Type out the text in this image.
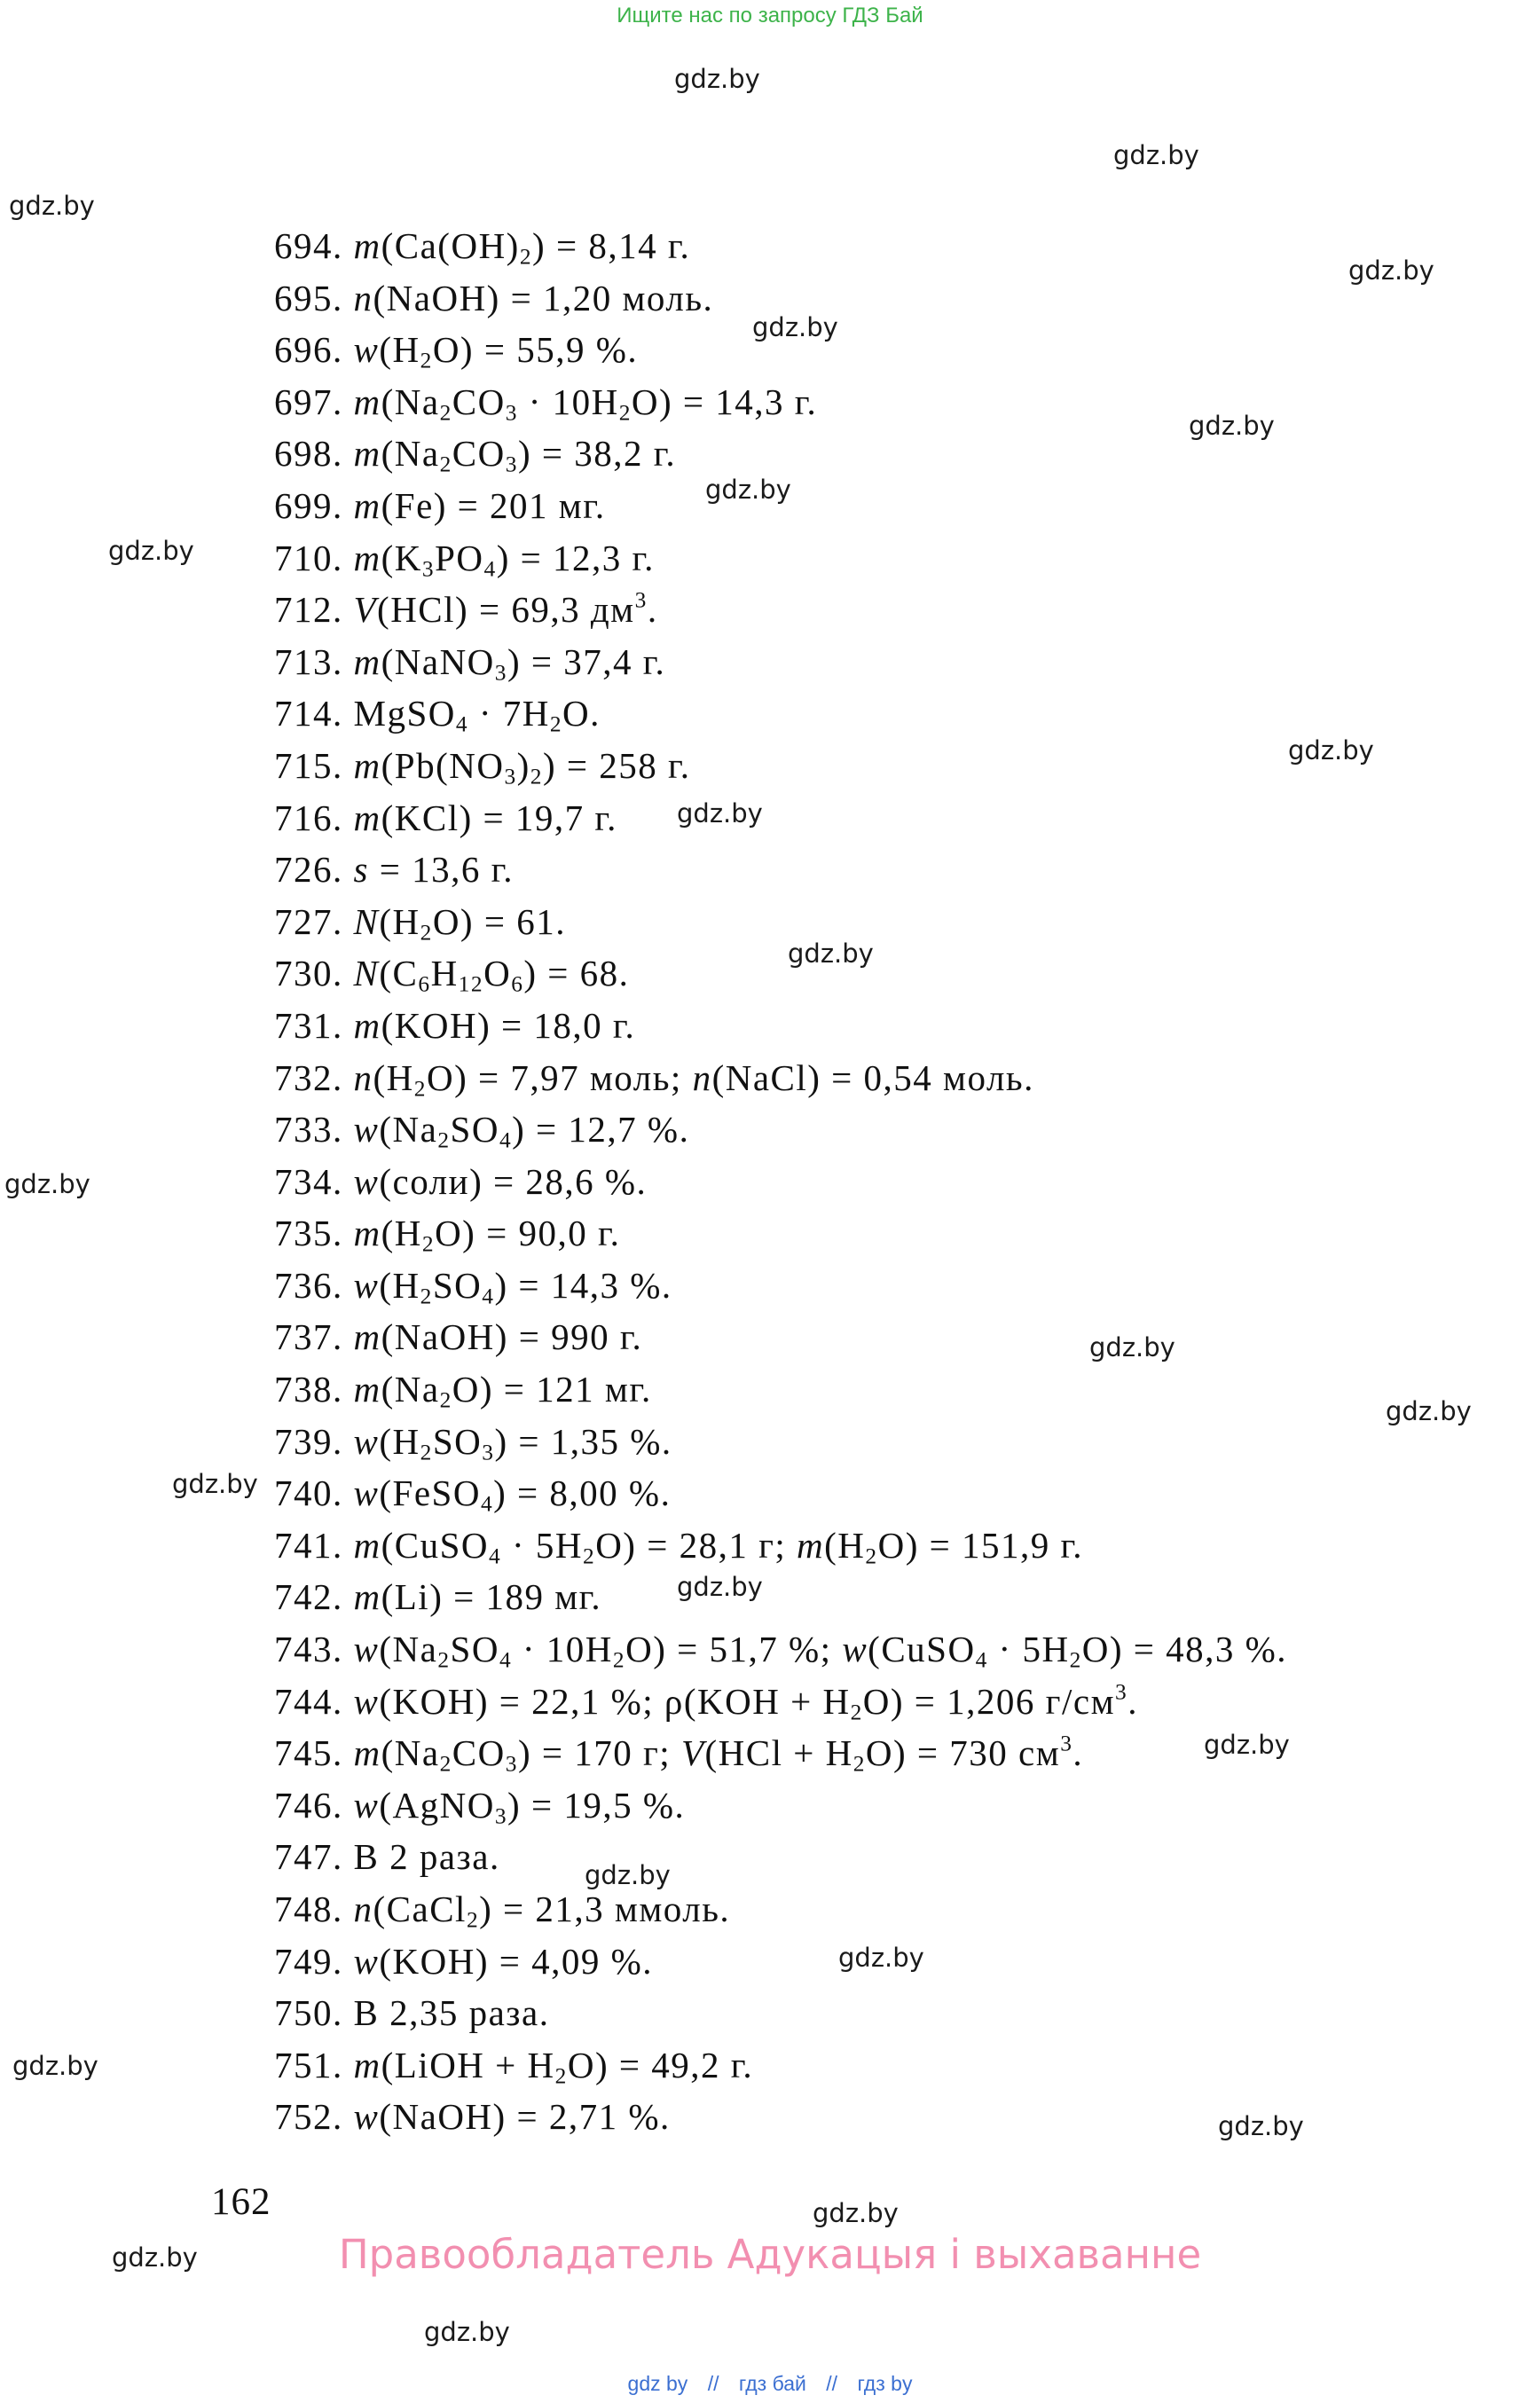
Ищите нас по запросу ГДЗ Бай
gdz.by
gdz.by
gdz.by
gdz.by
gdz.by
gdz.by
gdz.by
gdz.by
gdz.by
gdz.by
gdz.by
gdz.by
gdz.by
gdz.by
gdz.by
gdz.by
gdz.by
gdz.by
gdz.by
gdz.by
gdz.by
gdz.by
gdz.by
gdz.by
694. $m(Ca(OH)_2) = 8,14$ г.
695. n(NaOH) = 1,20 моль.
696. $w(H_2O) = 55,9$ %.
697. $m(Na_2CO_3 \cdot 10H_2O) = 14,3$ г.
698. $m(Na_2CO_3) = 38,2$ г.
699. m(Fe) = 201 мг.
710. $m(K_3PO_4) = 12,3$ г.
712. V(HCl) = 69,3 $дм^3$.
713. m(NaNO$_3$) = 37,4 г.
714. MgSO$_4$ · $7H_2O$.
715. $m(Pb(NO_3)_2) = 258$ г.
716. m(KCl) = 19,7 г.
726. s = 13,6 г.
727. $N(H_2O) = 61$.
730. $N(C_6H_{12}O_6) = 68$.
731. m(KOH) = 18,0 г.
732. $n(H_2O) = 7,97$ моль; n(NaCl) = 0,54 моль.
733. $w(Na_2SO_4) = 12,7$ %.
734. w(соли) = 28,6 %.
735. $m(H_2O) = 90,0$ г.
736. $w(H_2SO_4) = 14,3$ %.
737. m(NaOH) = 990 г.
738. $m(Na_2O) = 121$ мг.
739. $w(H_2SO_3) = 1,35$ %.
740. w(FeSO$_4$) = 8,00 %.
741. m(CuSO$_4$ · $5H_2O) = 28,1$ г; $m(H_2O) = 151,9$ г.
742. m(Li) = 189 мг.
743. $w(Na_2SO_4 \cdot 10H_2O) = 51,7$ %; w(CuSO$_4$ · $5H_2O) = 48,3$ %.
744. w(KOH) = 22,1 %; $\rho(KOH + H_2O) = 1,206$ $г/см^3$.
745. $m(Na_2CO_3) = 170$ г; $V(HCl + H_2O) = 730$ $см^3$.
746. w(AgNO$_3$) = 19,5 %.
747. В 2 раза.
748. n(CaCl$_2$) = 21,3 ммоль.
749. w(KOH) = 4,09 %.
750. В 2,35 раза.
751. m(LiOH + $H_2O) = 49,2$ г.
752. w(NaOH) = 2,71 %.
162
Правообладатель Адукацыя і выхаванне
gdz by // гдз бай // гдз by
